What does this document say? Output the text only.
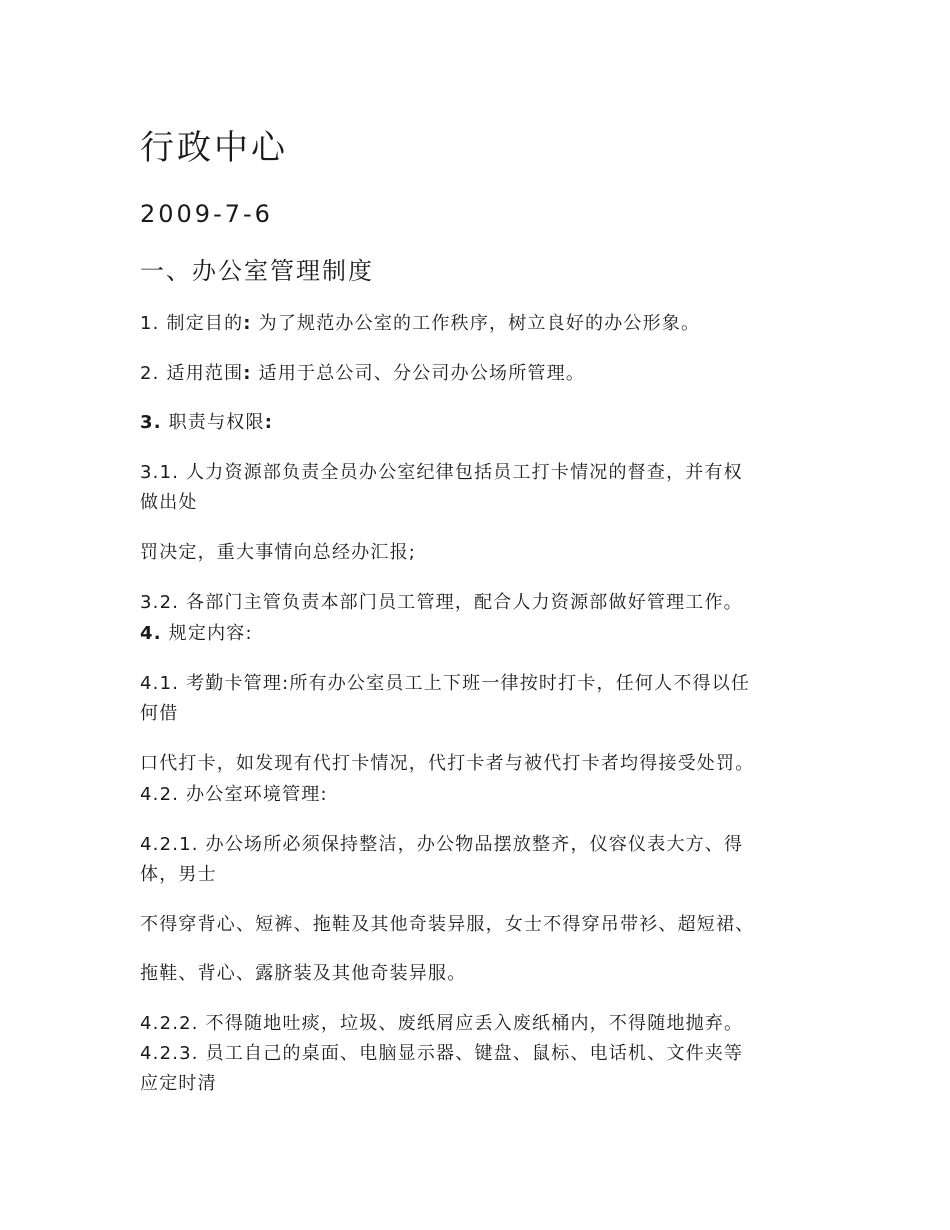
行政中心
2009-7-6
一、办公室管理制度
1. 制定目的: 为了规范办公室的工作秩序，树立良好的办公形象。
2. 适用范围: 适用于总公司、分公司办公场所管理。
3. 职责与权限:
3.1. 人力资源部负责全员办公室纪律包括员工打卡情况的督查，并有权
做出处
罚决定，重大事情向总经办汇报;
3.2. 各部门主管负责本部门员工管理，配合人力资源部做好管理工作。
4. 规定内容:
4.1. 考勤卡管理:所有办公室员工上下班一律按时打卡，任何人不得以任
何借
口代打卡，如发现有代打卡情况，代打卡者与被代打卡者均得接受处罚。
4.2. 办公室环境管理:
4.2.1. 办公场所必须保持整洁，办公物品摆放整齐，仪容仪表大方、得
体，男士
不得穿背心、短裤、拖鞋及其他奇装异服，女士不得穿吊带衫、超短裙、
拖鞋、背心、露脐装及其他奇装异服。
4.2.2. 不得随地吐痰，垃圾、废纸屑应丢入废纸桶内，不得随地抛弃。
4.2.3. 员工自己的桌面、电脑显示器、键盘、鼠标、电话机、文件夹等
应定时清
